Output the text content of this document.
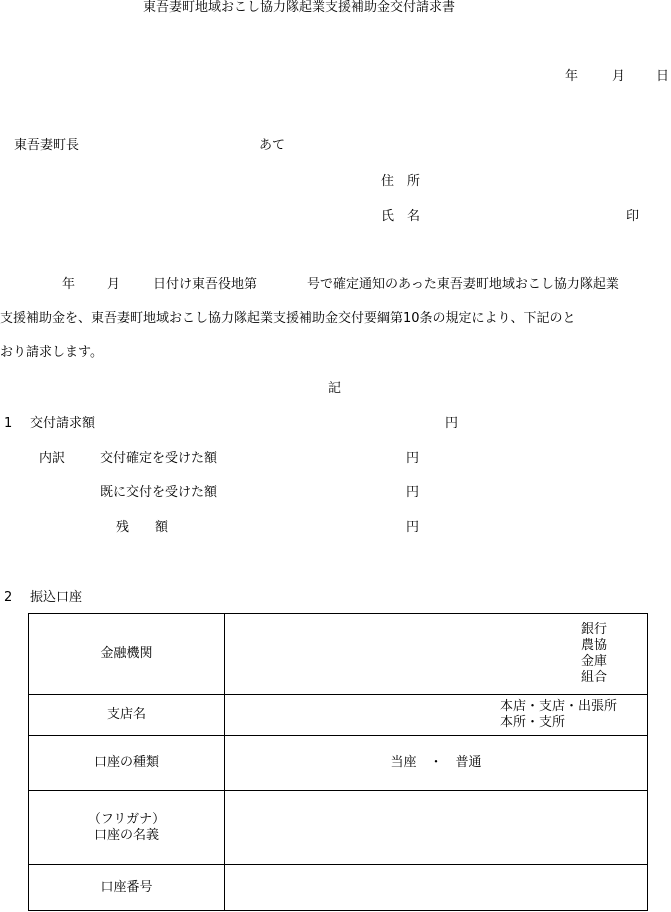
東吾妻町地域おこし協力隊起業支援補助金交付請求書
年	月 日
東吾妻町長	あて
住　所
氏　名	印
年 月	日付け東吾役地第	号で確定通知のあった東吾妻町地域おこし協力隊起業
支援補助金を、東吾妻町地域おこし協力隊起業支援補助金交付要綱第10条の規定により、下記のと
おり請求します。
記
1 交付請求額	円
内訳	交付確定を受けた額	円
既に交付を受けた額	円
残　　額	円
2 振込口座
金融機関	銀行
農協
金庫
組合

支店名	本店・支店・出張所
本所・支所

口座の種類	当座　・　普通

（フリガナ）
口座の名義	

口座番号	
